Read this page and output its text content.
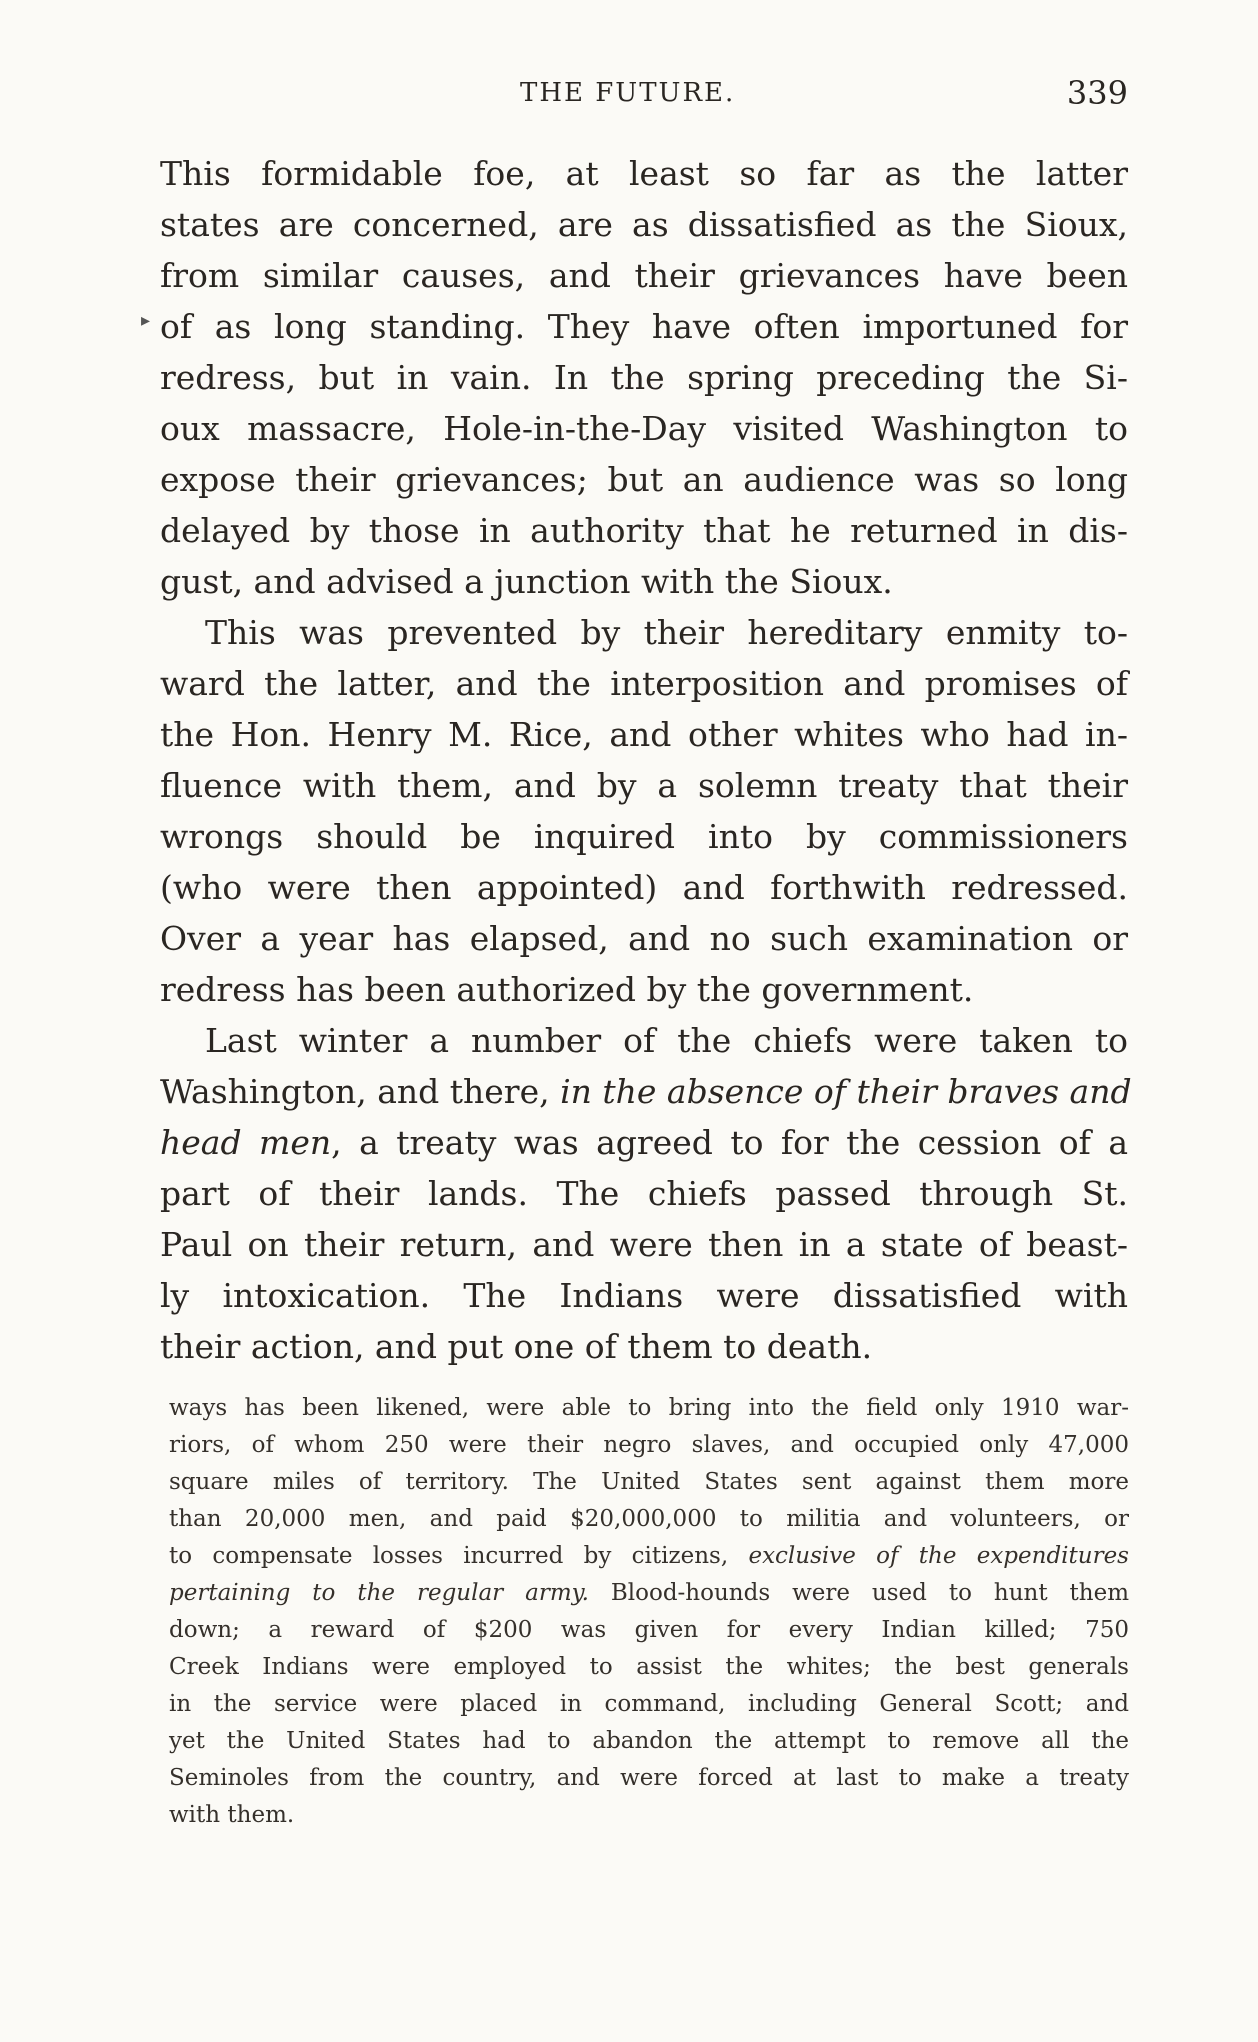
THE FUTURE.	339
▸
This formidable foe, at least so far as the latter
states are concerned, are as dissatisfied as the Sioux,
from similar causes, and their grievances have been
of as long standing. They have often importuned for
redress, but in vain. In the spring preceding the Si-
oux massacre, Hole-in-the-Day visited Washington to
expose their grievances; but an audience was so long
delayed by those in authority that he returned in dis-
gust, and advised a junction with the Sioux.
This was prevented by their hereditary enmity to-
ward the latter, and the interposition and promises of
the Hon. Henry M. Rice, and other whites who had in-
fluence with them, and by a solemn treaty that their
wrongs should be inquired into by commissioners
(who were then appointed) and forthwith redressed.
Over a year has elapsed, and no such examination or
redress has been authorized by the government.
Last winter a number of the chiefs were taken to
Washington, and there, in the absence of their braves and
head men, a treaty was agreed to for the cession of a
part of their lands. The chiefs passed through St.
Paul on their return, and were then in a state of beast-
ly intoxication. The Indians were dissatisfied with
their action, and put one of them to death.
ways has been likened, were able to bring into the field only 1910 war-
riors, of whom 250 were their negro slaves, and occupied only 47,000
square miles of territory. The United States sent against them more
than 20,000 men, and paid $20,000,000 to militia and volunteers, or
to compensate losses incurred by citizens, exclusive of the expenditures
pertaining to the regular army. Blood-hounds were used to hunt them
down; a reward of $200 was given for every Indian killed; 750
Creek Indians were employed to assist the whites; the best generals
in the service were placed in command, including General Scott; and
yet the United States had to abandon the attempt to remove all the
Seminoles from the country, and were forced at last to make a treaty
with them.
